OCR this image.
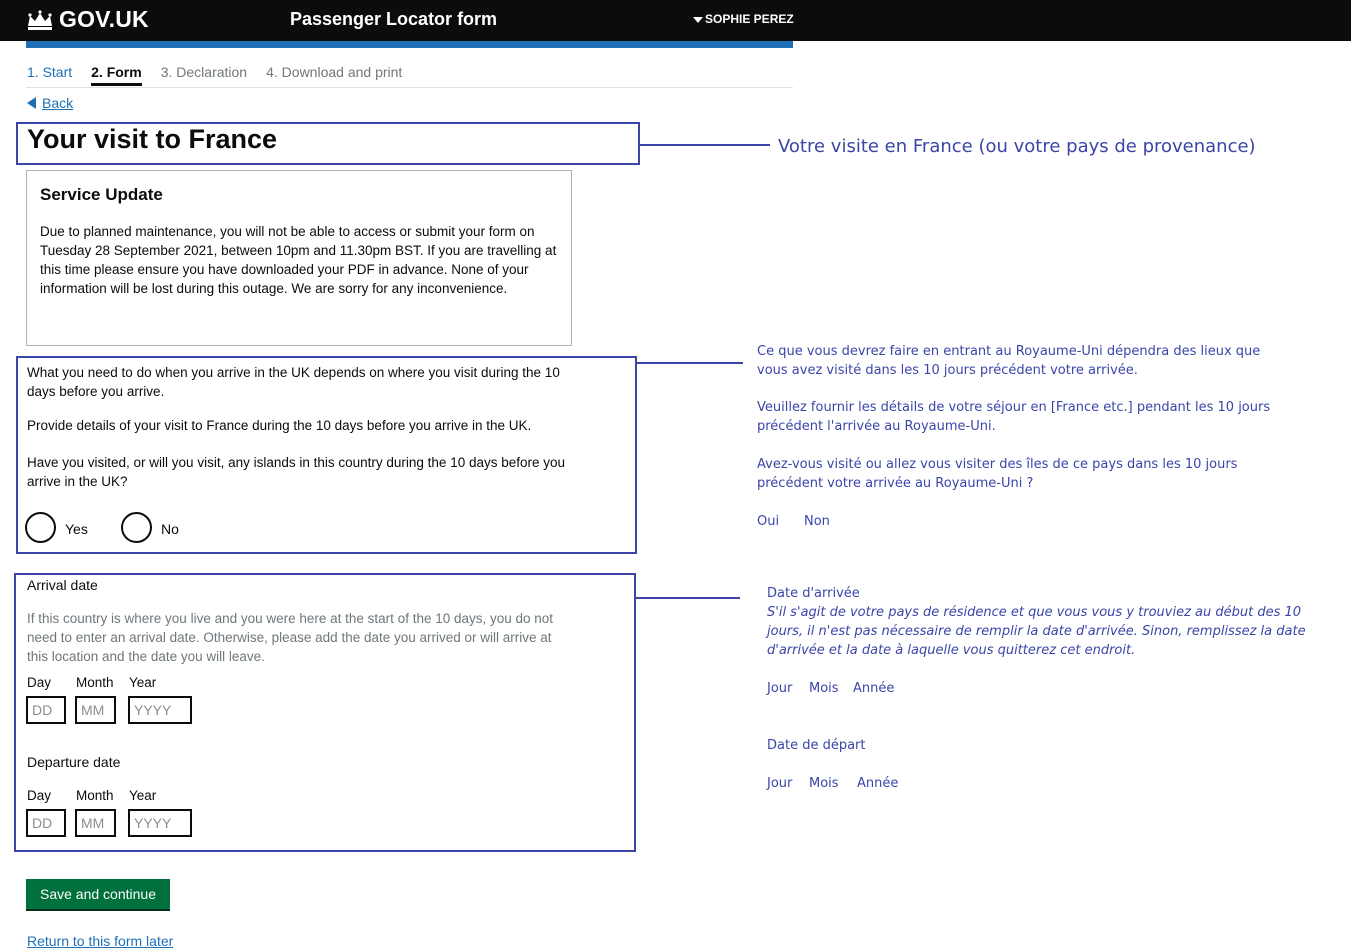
GOV.UK	Passenger Locator form	SOPHIE PEREZ
1. Start 2. Form 3. Declaration 4. Download and print
Back
Your visit to France
Service Update
Due to planned maintenance, you will not be able to access or submit your form on Tuesday 28 September 2021, between 10pm and 11.30pm BST. If you are travelling at this time please ensure you have downloaded your PDF in advance. None of your information will be lost during this outage. We are sorry for any inconvenience.

What you need to do when you arrive in the UK depends on where you visit during the 10 days before you arrive.

Provide details of your visit to France during the 10 days before you arrive in the UK.

Have you visited, or will you visit, any islands in this country during the 10 days before you arrive in the UK?

Yes	No
Arrival date
If this country is where you live and you were here at the start of the 10 days, you do not need to enter an arrival date. Otherwise, please add the date you arrived or will arrive at this location and the date you will leave.
Day Month Year
DD
MM
YYYY
Departure date
Day Month Year
DD
MM
YYYY
Save and continue
Return to this form later
Votre visite en France (ou votre pays de provenance)
Ce que vous devrez faire en entrant au Royaume-Uni dépendra des lieux que vous avez visité dans les 10 jours précédent votre arrivée.
Veuillez fournir les détails de votre séjour en [France etc.] pendant les 10 jours précédent l'arrivée au Royaume-Uni.
Avez-vous visité ou allez vous visiter des îles de ce pays dans les 10 jours précédent votre arrivée au Royaume-Uni ?
Oui Non
Date d'arrivée
S'il s'agit de votre pays de résidence et que vous vous y trouviez au début des 10 jours, il n'est pas nécessaire de remplir la date d'arrivée. Sinon, remplissez la date d'arrivée et la date à laquelle vous quitterez cet endroit.
Jour Mois Année
Date de départ
Jour Mois Année
